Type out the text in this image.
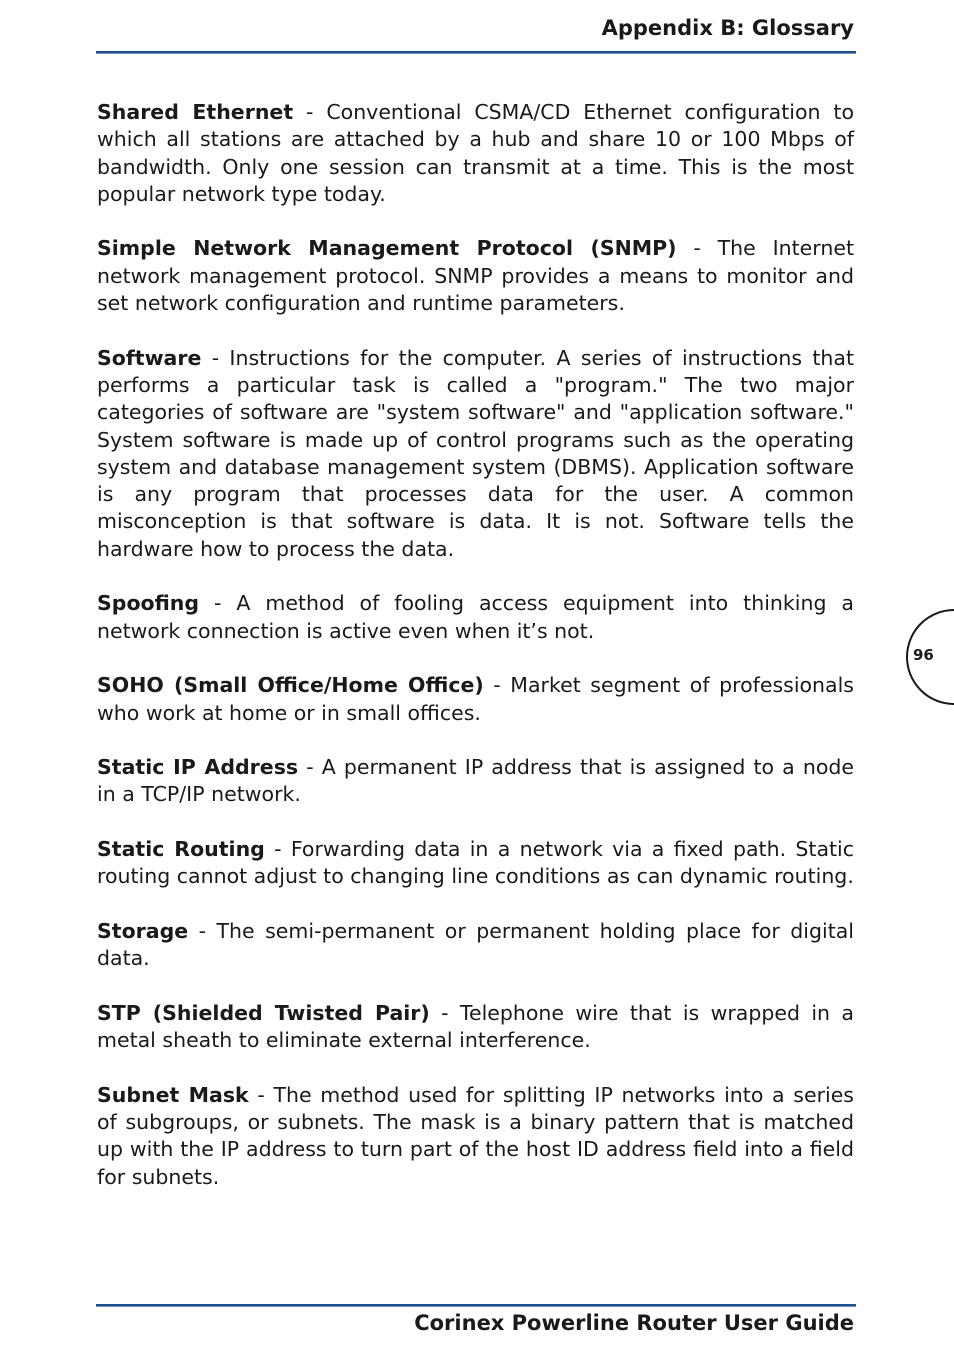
Appendix B: Glossary

Shared Ethernet - Conventional CSMA/CD Ethernet configuration to which all stations are attached by a hub and share 10 or 100 Mbps of bandwidth. Only one session can transmit at a time. This is the most popular network type today.

Simple Network Management Protocol (SNMP) - The Internet network management protocol. SNMP provides a means to monitor and set network configuration and runtime parameters.

Software - Instructions for the computer. A series of instructions that performs a particular task is called a "program." The two major categories of software are "system software" and "application software." System software is made up of control programs such as the operating system and database management system (DBMS). Application software is any program that processes data for the user. A common misconception is that software is data. It is not. Software tells the hardware how to process the data.

Spoofing - A method of fooling access equipment into thinking a network connection is active even when it’s not.

SOHO (Small Office/Home Office) - Market segment of professionals who work at home or in small offices.

Static IP Address - A permanent IP address that is assigned to a node in a TCP/IP network.

Static Routing - Forwarding data in a network via a fixed path. Static routing cannot adjust to changing line conditions as can dynamic routing.

Storage - The semi-permanent or permanent holding place for digital data.

STP (Shielded Twisted Pair) - Telephone wire that is wrapped in a metal sheath to eliminate external interference.

Subnet Mask - The method used for splitting IP networks into a series of subgroups, or subnets. The mask is a binary pattern that is matched up with the IP address to turn part of the host ID address field into a field for subnets.

96
Corinex Powerline Router User Guide
